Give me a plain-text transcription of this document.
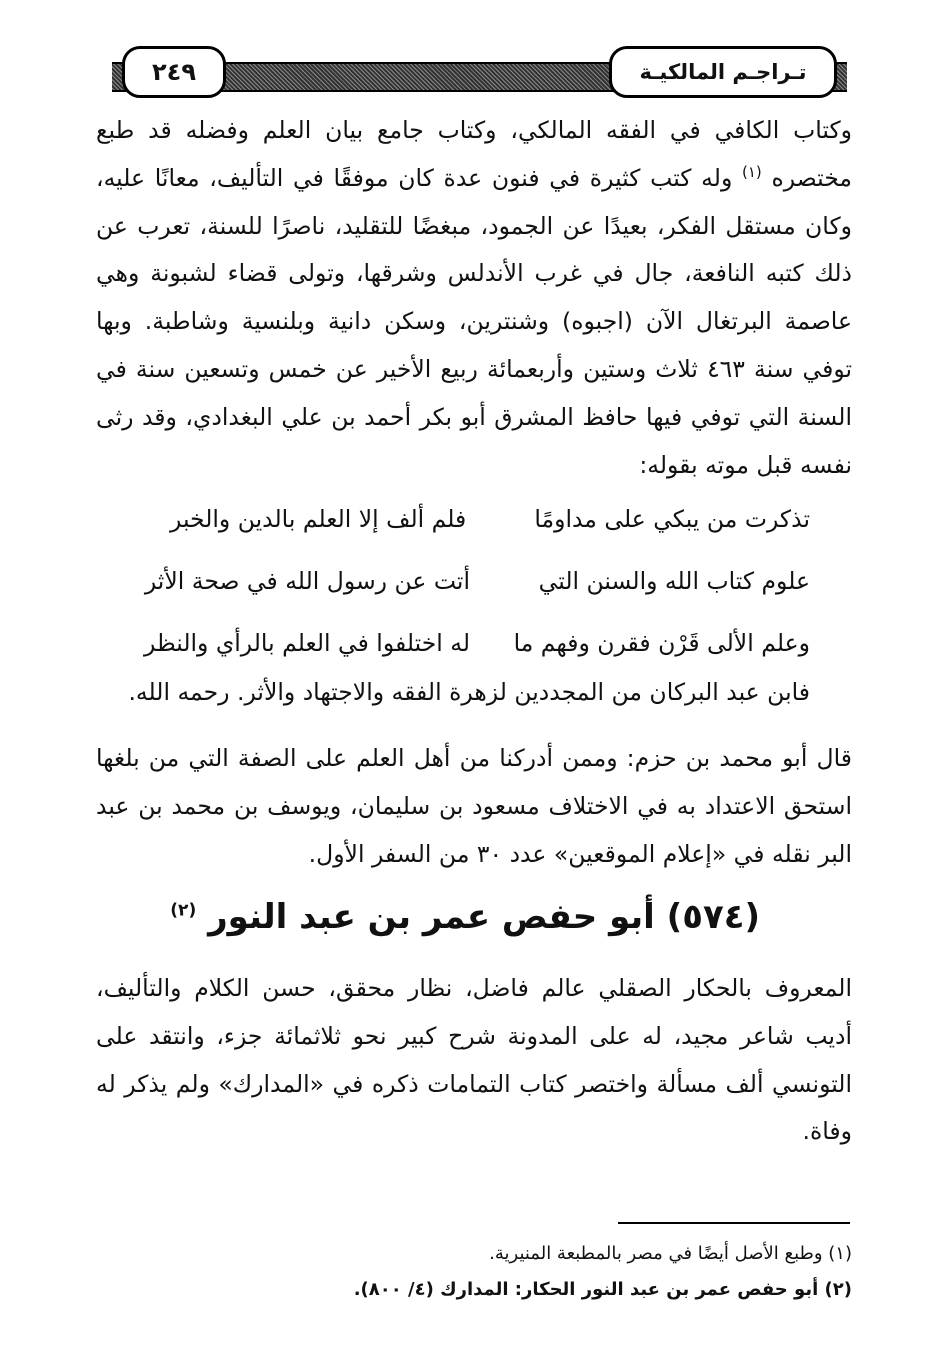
تـراجـم المالكيـة
٢٤٩
وكتاب الكافي في الفقه المالكي، وكتاب جامع بيان العلم وفضله قد طبع مختصره $^{(١)}$ وله كتب كثيرة في فنون عدة كان موفقًا في التأليف، معانًا عليه، وكان مستقل الفكر، بعيدًا عن الجمود، مبغضًا للتقليد، ناصرًا للسنة، تعرب عن ذلك كتبه النافعة، جال في غرب الأندلس وشرقها، وتولى قضاء لشبونة وهي عاصمة البرتغال الآن (اجبوه) وشنترين، وسكن دانية وبلنسية وشاطبة. وبها توفي سنة ٤٦٣ ثلاث وستين وأربعمائة ربيع الأخير عن خمس وتسعين سنة في السنة التي توفي فيها حافظ المشرق أبو بكر أحمد بن علي البغدادي، وقد رثى نفسه قبل موته بقوله:
تذكرت من يبكي على مداومًا
فلم ألف إلا العلم بالدين والخبر
علوم كتاب الله والسنن التي
أتت عن رسول الله في صحة الأثر
وعلم الألى قَرْن فقرن وفهم ما
له اختلفوا في العلم بالرأي والنظر
فابن عبد البركان من المجددين لزهرة الفقه والاجتهاد والأثر. رحمه الله.
قال أبو محمد بن حزم: وممن أدركنا من أهل العلم على الصفة التي من بلغها استحق الاعتداد به في الاختلاف مسعود بن سليمان، ويوسف بن محمد بن عبد البر نقله في «إعلام الموقعين» عدد ٣٠ من السفر الأول.
(٥٧٤) أبو حفص عمر بن عبد النور $^{(٢)}$
المعروف بالحكار الصقلي عالم فاضل، نظار محقق، حسن الكلام والتأليف، أديب شاعر مجيد، له على المدونة شرح كبير نحو ثلاثمائة جزء، وانتقد على التونسي ألف مسألة واختصر كتاب التمامات ذكره في «المدارك» ولم يذكر له وفاة.
(١) وطبع الأصل أيضًا في مصر بالمطبعة المنيرية.
(٢) أبو حفص عمر بن عبد النور الحكار: المدارك (٤/ ٨٠٠).
